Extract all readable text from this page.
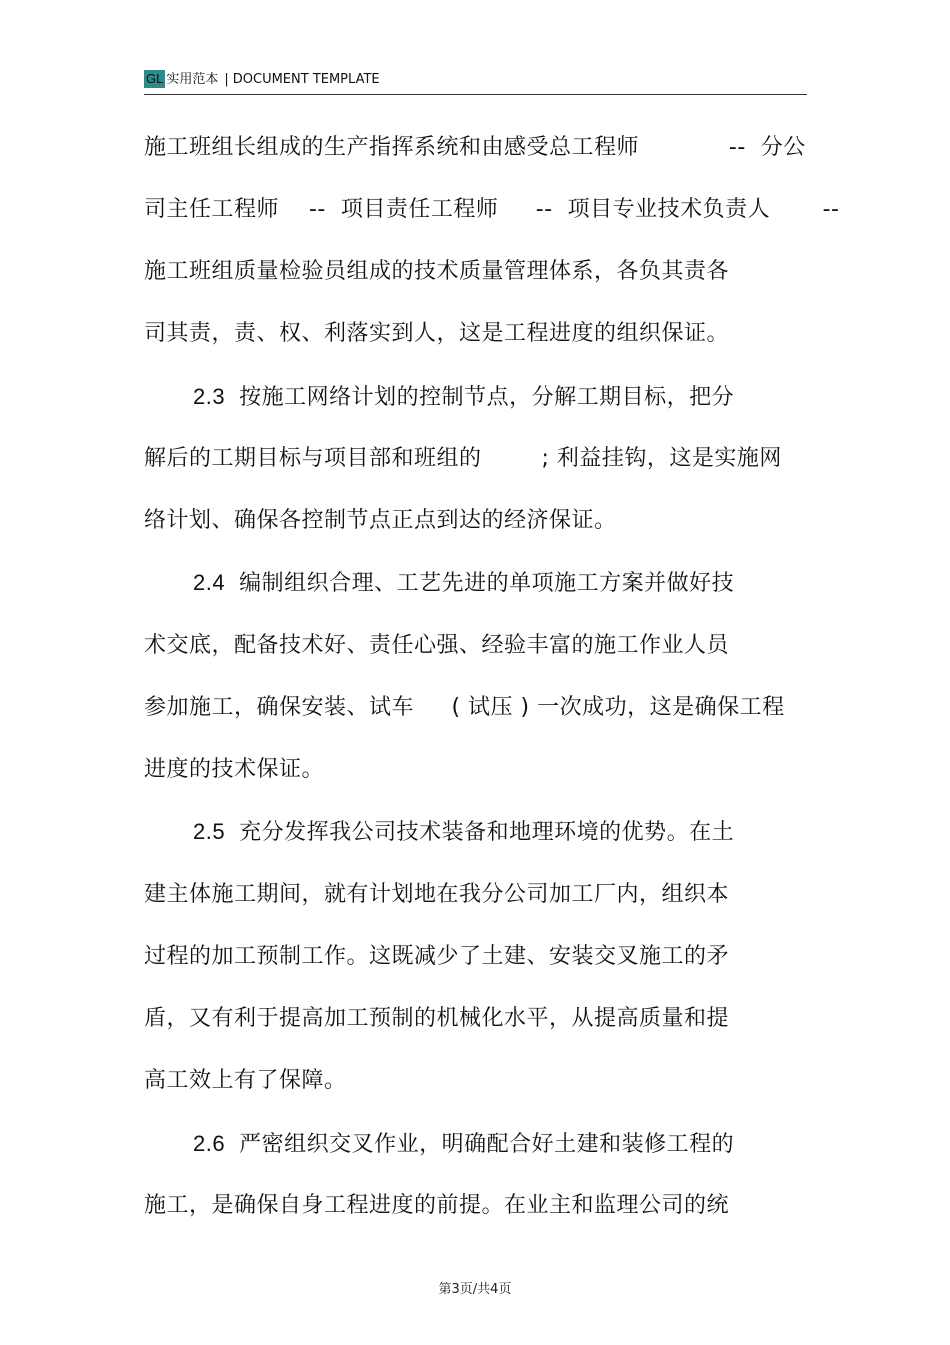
GL 实用范本 | DOCUMENT TEMPLATE
施工班组长组成的生产指挥系统和由感受总工程师            --  分公
司主任工程师    --  项目责任工程师     --  项目专业技术负责人       --
施工班组质量检验员组成的技术质量管理体系，各负其责各
司其责，责、权、利落实到人，这是工程进度的组织保证。
2.3 按施工网络计划的控制节点，分解工期目标，把分
解后的工期目标与项目部和班组的        ; 利益挂钩，这是实施网
络计划、确保各控制节点正点到达的经济保证。
2.4 编制组织合理、工艺先进的单项施工方案并做好技
术交底，配备技术好、责任心强、经验丰富的施工作业人员
参加施工，确保安装、试车     ( 试压 ) 一次成功，这是确保工程
进度的技术保证。
2.5 充分发挥我公司技术装备和地理环境的优势。在土
建主体施工期间，就有计划地在我分公司加工厂内，组织本
过程的加工预制工作。这既减少了土建、安装交叉施工的矛
盾，又有利于提高加工预制的机械化水平，从提高质量和提
高工效上有了保障。
2.6 严密组织交叉作业，明确配合好土建和装修工程的
施工，是确保自身工程进度的前提。在业主和监理公司的统
第3页/共4页
